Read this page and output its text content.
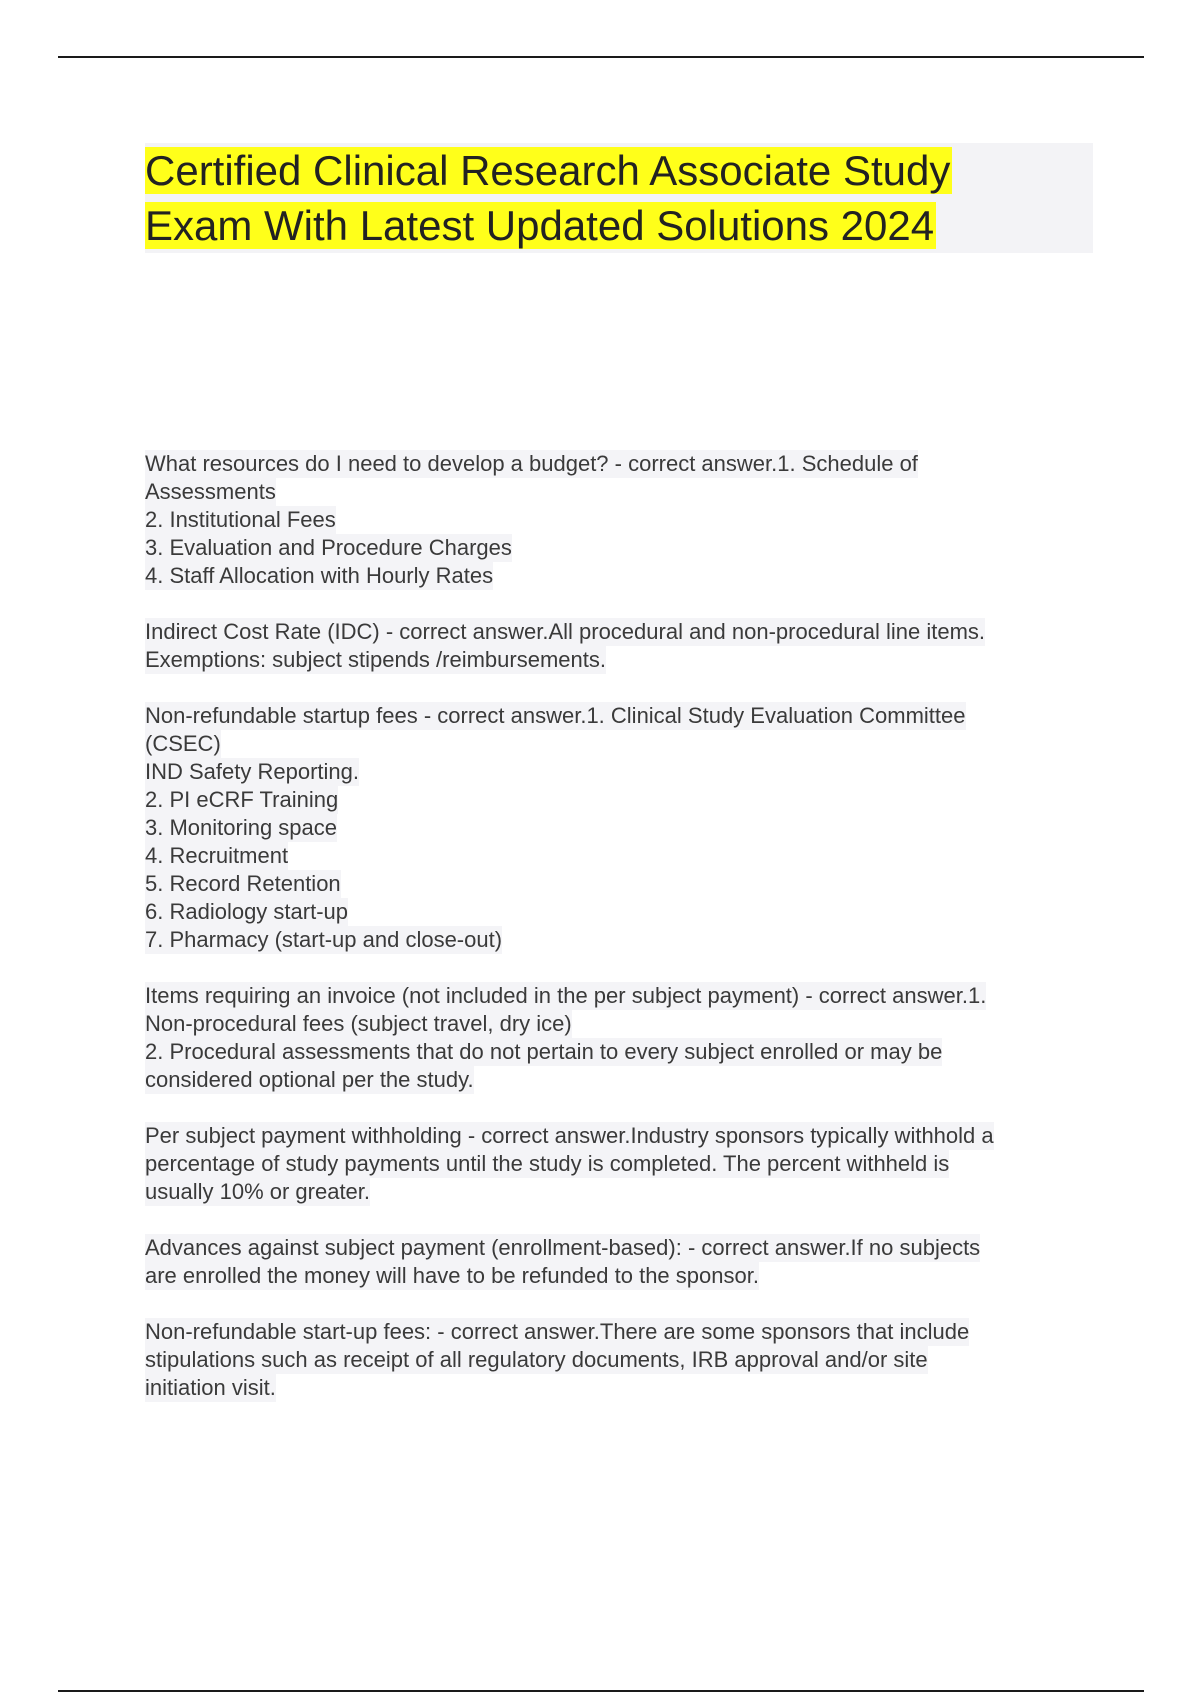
Certified Clinical Research Associate Study
Exam With Latest Updated Solutions 2024
What resources do I need to develop a budget? - correct answer.1. Schedule of
Assessments
2. Institutional Fees
3. Evaluation and Procedure Charges
4. Staff Allocation with Hourly Rates
Indirect Cost Rate (IDC) - correct answer.All procedural and non-procedural line items.
Exemptions: subject stipends /reimbursements.
Non-refundable startup fees - correct answer.1. Clinical Study Evaluation Committee
(CSEC)
IND Safety Reporting.
2. PI eCRF Training
3. Monitoring space
4. Recruitment
5. Record Retention
6. Radiology start-up
7. Pharmacy (start-up and close-out)
Items requiring an invoice (not included in the per subject payment) - correct answer.1.
Non-procedural fees (subject travel, dry ice)
2. Procedural assessments that do not pertain to every subject enrolled or may be
considered optional per the study.
Per subject payment withholding - correct answer.Industry sponsors typically withhold a
percentage of study payments until the study is completed. The percent withheld is
usually 10% or greater.
Advances against subject payment (enrollment-based): - correct answer.If no subjects
are enrolled the money will have to be refunded to the sponsor.
Non-refundable start-up fees: - correct answer.There are some sponsors that include
stipulations such as receipt of all regulatory documents, IRB approval and/or site
initiation visit.
